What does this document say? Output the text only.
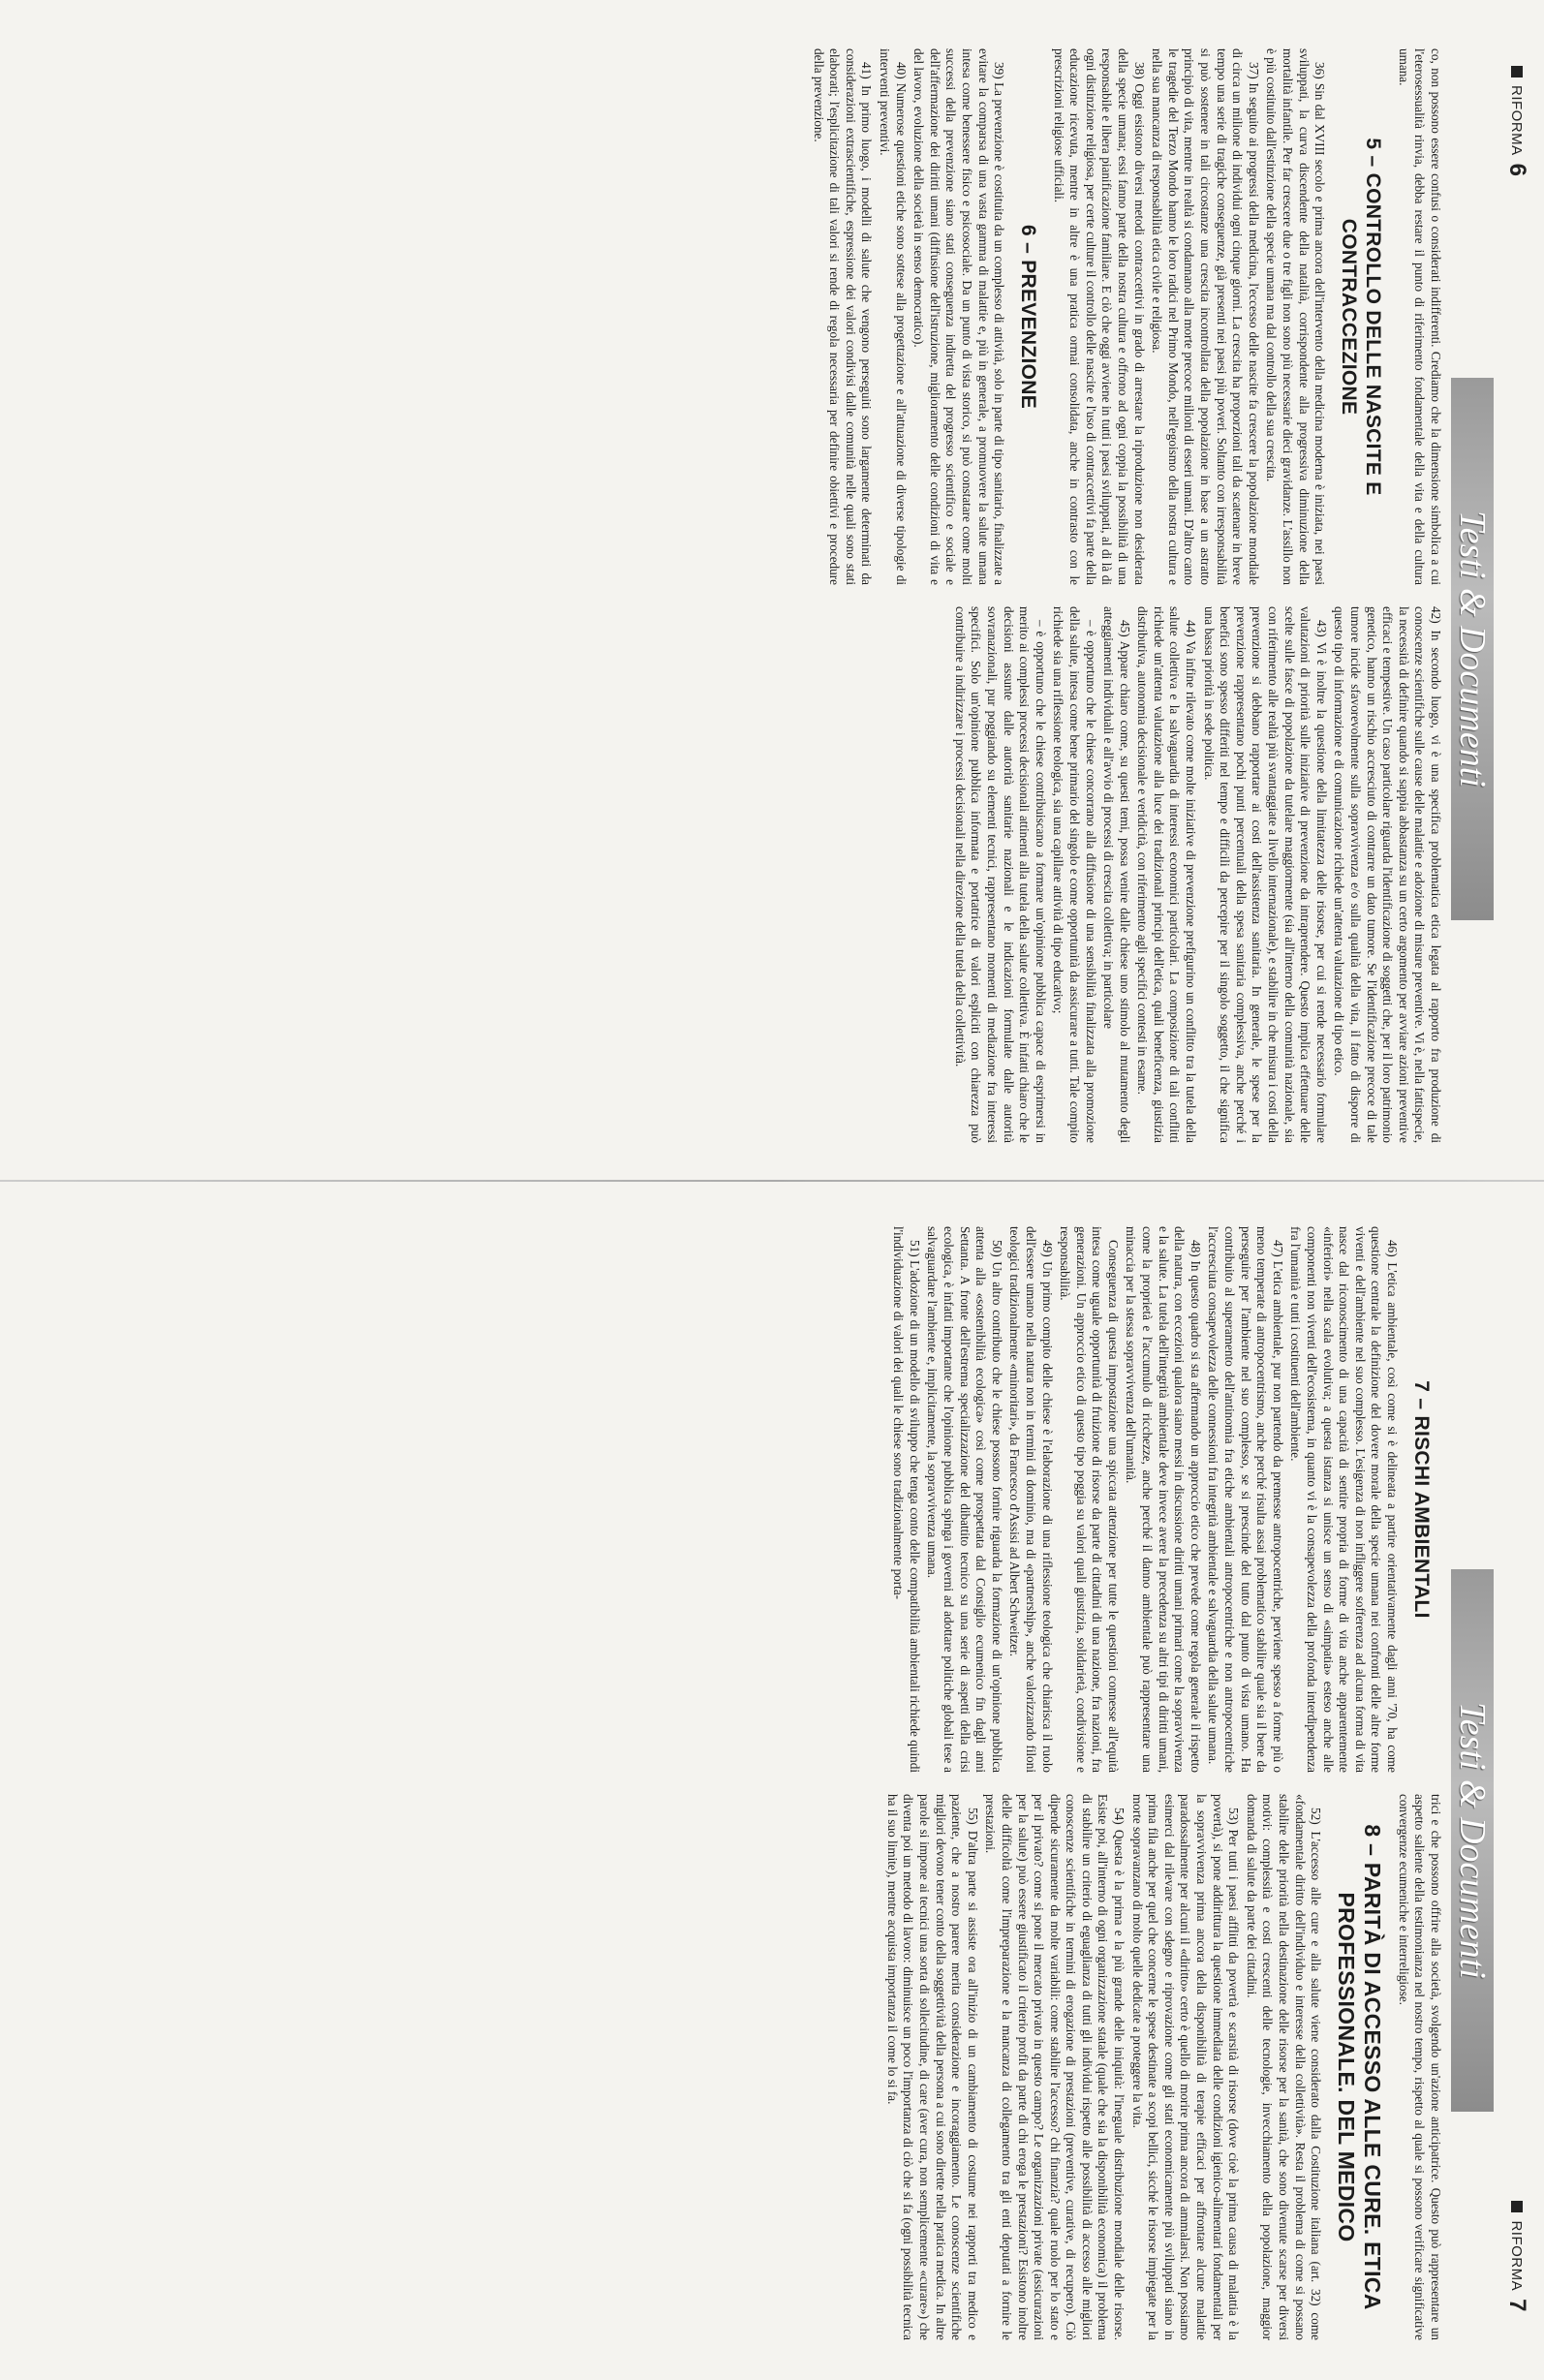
RIFORMA
6
RIFORMA
7
Testi & Documenti
Testi & Documenti

co, non possono essere confusi o considerati indifferenti. Crediamo che la dimensione simbolica a cui l'eterosessualità rinvia, debba restare il punto di riferimento fondamentale della vita e della cultura umana.

5 – CONTROLLO DELLE NASCITE E CONTRACCEZIONE

36) Sin dal XVIII secolo e prima ancora dell'intervento della medicina moderna è iniziata, nei paesi sviluppati, la curva discendente della natalità, corrispondente alla progressiva diminuzione della mortalità infantile. Per far crescere due o tre figli non sono più necessarie dieci gravidanze. L'assillo non è più costituito dall'estinzione della specie umana ma dal controllo della sua crescita.

37) In seguito ai progressi della medicina, l'eccesso delle nascite fa crescere la popolazione mondiale di circa un milione di individui ogni cinque giorni. La crescita ha proporzioni tali da scatenare in breve tempo una serie di tragiche conseguenze, già presenti nei paesi più poveri. Soltanto con irresponsabilità si può sostenere in tali circostanze una crescita incontrollata della popolazione in base a un astratto principio di vita, mentre in realtà si condannano alla morte precoce milioni di esseri umani. D'altro canto le tragedie del Terzo Mondo hanno le loro radici nel Primo Mondo, nell'egoismo della nostra cultura e nella sua mancanza di responsabilità etica civile e religiosa.

38) Oggi esistono diversi metodi contraccettivi in grado di arrestare la riproduzione non desiderata della specie umana; essi fanno parte della nostra cultura e offrono ad ogni coppia la possibilità di una responsabile e libera pianificazione familiare. E ciò che oggi avviene in tutti i paesi sviluppati, al di là di ogni distinzione religiosa, per certe culture il controllo delle nascite e l'uso di contraccettivi fa parte della educazione ricevuta, mentre in altre è una pratica ormai consolidata, anche in contrasto con le prescrizioni religiose ufficiali.

6 – PREVENZIONE

39) La prevenzione è costituita da un complesso di attività, solo in parte di tipo sanitario, finalizzate a evitare la comparsa di una vasta gamma di malattie e, più in generale, a promuovere la salute umana intesa come benessere fisico e psicosociale. Da un punto di vista storico, si può constatare come molti successi della prevenzione siano stati conseguenza indiretta del progresso scientifico e sociale e dell'affermazione dei diritti umani (diffusione dell'istruzione, miglioramento delle condizioni di vita e del lavoro, evoluzione della società in senso democratico).

40) Numerose questioni etiche sono sottese alla progettazione e all'attuazione di diverse tipologie di interventi preventivi.

41) In primo luogo, i modelli di salute che vengono perseguiti sono largamente determinati da considerazioni extrascientifiche, espressione dei valori condivisi dalle comunità nelle quali sono stati elaborati; l'esplicitazione di tali valori si rende di regola necessaria per definire obiettivi e procedure della prevenzione.

42) In secondo luogo, vi è una specifica problematica etica legata al rapporto fra produzione di conoscenze scientifiche sulle cause delle malattie e adozione di misure preventive. Vi è, nella fattispecie, la necessità di definire quando si sappia abbastanza su un certo argomento per avviare azioni preventive efficaci e tempestive. Un caso particolare riguarda l'identificazione di soggetti che, per il loro patrimonio genetico, hanno un rischio accresciuto di contrarre un dato tumore. Se l'identificazione precoce di tale tumore incide sfavorevolmente sulla sopravvivenza e/o sulla qualità della vita, il fatto di disporre di questo tipo di informazione e di comunicazione richiede un'attenta valutazione di tipo etico.

43) Vi è inoltre la questione della limitatezza delle risorse, per cui si rende necessario formulare valutazioni di priorità sulle iniziative di prevenzione da intraprendere. Questo implica effettuare delle scelte sulle fasce di popolazione da tutelare maggiormente (sia all'interno della comunità nazionale, sia con riferimento alle realtà più svantaggiate a livello internazionale), e stabilire in che misura i costi della prevenzione si debbano rapportare ai costi dell'assistenza sanitaria. In generale, le spese per la prevenzione rappresentano pochi punti percentuali della spesa sanitaria complessiva, anche perché i benefici sono spesso differiti nel tempo e difficili da percepire per il singolo soggetto, il che significa una bassa priorità in sede politica.

44) Va infine rilevato come molte iniziative di prevenzione prefigurino un conflitto tra la tutela della salute collettiva e la salvaguardia di interessi economici particolari. La composizione di tali conflitti richiede un'attenta valutazione alla luce dei tradizionali principi dell'etica, quali beneficenza, giustizia distributiva, autonomia decisionale e veridicità, con riferimento agli specifici contesti in esame.

45) Appare chiaro come, su questi temi, possa venire dalle chiese uno stimolo al mutamento degli atteggiamenti individuali e all'avvio di processi di crescita collettiva; in particolare

– è opportuno che le chiese concorrano alla diffusione di una sensibilità finalizzata alla promozione della salute, intesa come bene primario del singolo e come opportunità da assicurare a tutti. Tale compito richiede sia una riflessione teologica, sia una capillare attività di tipo educativo;

– è opportuno che le chiese contribuiscano a formare un'opinione pubblica capace di esprimersi in merito ai complessi processi decisionali attinenti alla tutela della salute collettiva. È infatti chiaro che le decisioni assunte dalle autorità sanitarie nazionali e le indicazioni formulate dalle autorità sovranazionali, pur poggiando su elementi tecnici, rappresentano momenti di mediazione fra interessi specifici. Solo un'opinione pubblica informata e portatrice di valori espliciti con chiarezza può contribuire a indirizzare i processi decisionali nella direzione della tutela della collettività.

7 – RISCHI AMBIENTALI

46) L'etica ambientale, così come si è delineata a partire orientativamente dagli anni '70, ha come questione centrale la definizione del dovere morale della specie umana nei confronti delle altre forme viventi e dell'ambiente nel suo complesso. L'esigenza di non infliggere sofferenza ad alcuna forma di vita nasce dal riconoscimento di una capacità di sentire propria di forme di vita anche apparentemente «inferiori» nella scala evolutiva; a questa istanza si unisce un senso di «simpatia» esteso anche alle componenti non viventi dell'ecosistema, in quanto vi è la consapevolezza della profonda interdipendenza fra l'umanità e tutti i costituenti dell'ambiente.

47) L'etica ambientale, pur non partendo da premesse antropocentriche, perviene spesso a forme più o meno temperate di antropocentrismo, anche perché risulta assai problematico stabilire quale sia il bene da perseguire per l'ambiente nel suo complesso, se si prescinde del tutto dal punto di vista umano. Ha contribuito al superamento dell'antinomia fra etiche ambientali antropocentriche e non antropocentriche l'accresciuta consapevolezza delle connessioni fra integrità ambientale e salvaguardia della salute umana.

48) In questo quadro si sta affermando un approccio etico che prevede come regola generale il rispetto della natura, con eccezioni qualora siano messi in discussione diritti umani primari come la sopravvivenza e la salute. La tutela dell'integrità ambientale deve invece avere la precedenza su altri tipi di diritti umani, come la proprietà e l'accumulo di ricchezze, anche perché il danno ambientale può rappresentare una minaccia per la stessa sopravvivenza dell'umanità.

Conseguenza di questa impostazione una spiccata attenzione per tutte le questioni connesse all'equità intesa come uguale opportunità di fruizione di risorse da parte di cittadini di una nazione, fra nazioni, fra generazioni. Un approccio etico di questo tipo poggia su valori quali giustizia, solidarietà, condivisione e responsabilità.

49) Un primo compito delle chiese è l'elaborazione di una riflessione teologica che chiarisca il ruolo dell'essere umano nella natura non in termini di dominio, ma di «partnership», anche valorizzando filoni teologici tradizionalmente «minoritari», da Francesco d'Assisi ad Albert Schweitzer.

50) Un altro contributo che le chiese possono fornire riguarda la formazione di un'opinione pubblica attenta alla «sostenibilità ecologica» così come prospettata dal Consiglio ecumenico fin dagli anni Settanta. A fronte dell'estrema specializzazione del dibattito tecnico su una serie di aspetti della crisi ecologica, è infatti importante che l'opinione pubblica spinga i governi ad adottare politiche globali tese a salvaguardare l'ambiente e, implicitamente, la sopravvivenza umana.

51) L'adozione di un modello di sviluppo che tenga conto delle compatibilità ambientali richiede quindi l'individuazione di valori dei quali le chiese sono tradizionalmente porta-

trici e che possono offrire alla società, svolgendo un'azione anticipatrice. Questo può rappresentare un aspetto saliente della testimonianza nel nostro tempo, rispetto al quale si possono verificare significative convergenze ecumeniche e interreligiose.

8 – PARITÀ DI ACCESSO ALLE CURE. ETICA PROFESSIONALE. DEL MEDICO

52) L'accesso alle cure e alla salute viene considerato dalla Costituzione italiana (art. 32) come «fondamentale diritto dell'individuo e interesse della collettività». Resta il problema di come si possano stabilire delle priorità nella destinazione delle risorse per la sanità, che sono divenute scarse per diversi motivi: complessità e costi crescenti delle tecnologie, invecchiamento della popolazione, maggior domanda di salute da parte dei cittadini.

53) Per tutti i paesi afflitti da povertà e scarsità di risorse (dove cioè la prima causa di malattia è la povertà), si pone addirittura la questione immediata delle condizioni igienico-alimentari fondamentali per la sopravvivenza prima ancora della disponibilità di terapie efficaci per affrontare alcune malattie paradossalmente per alcuni il «diritto» certo è quello di morire prima ancora di ammalarsi. Non possiamo esimerci dal rilevare con sdegno e riprovazione come gli stati economicamente più sviluppati siano in prima fila anche per quel che concerne le spese destinate a scopi bellici, sicché le risorse impiegate per la morte sopravanzano di molto quelle dedicate a proteggere la vita.

54) Questa è la prima e la più grande delle iniquità: l'ineguale distribuzione mondiale delle risorse. Esiste poi, all'interno di ogni organizzazione statale (quale che sia la disponibilità economica) il problema di stabilire un criterio di eguaglianza di tutti gli individui rispetto alle possibilità di accesso alle migliori conoscenze scientifiche in termini di erogazione di prestazioni (preventive, curative, di recupero). Ciò dipende sicuramente da molte variabili: come stabilire l'accesso? chi finanzia? quale ruolo per lo stato e per il privato? come si pone il mercato privato in questo campo? Le organizzazioni private (assicurazioni per la salute) può essere giustificato il criterio profit da parte di chi eroga le prestazioni? Esistono inoltre delle difficoltà come l'impreparazione e la mancanza di collegamento tra gli enti deputati a fornire le prestazioni.

55) D'altra parte si assiste ora all'inizio di un cambiamento di costume nei rapporti tra medico e paziente, che a nostro parere merita considerazione e incoraggiamento. Le conoscenze scientifiche migliori devono tener conto della soggettività della persona a cui sono dirette nella pratica medica. In altre parole si impone ai tecnici una sorta di sollecitudine, di care (aver cura, non semplicemente «curare») che diventa poi un metodo di lavoro: diminuisce un poco l'importanza di ciò che si fa (ogni possibilità tecnica ha il suo limite), mentre acquista importanza il come lo si fa.
